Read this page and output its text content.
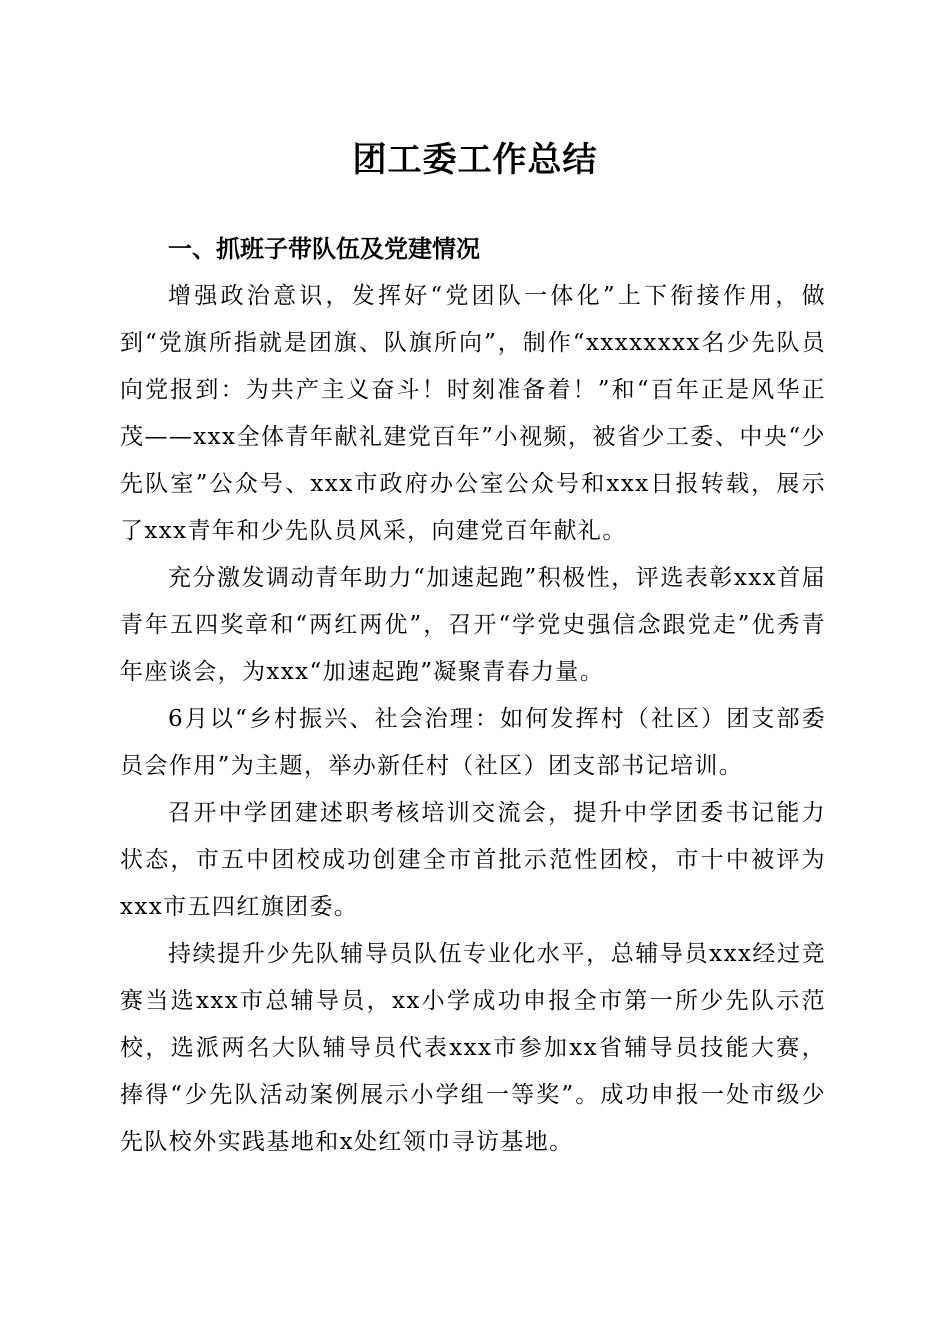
团工委工作总结

一、抓班子带队伍及党建情况

增强政治意识，发挥好“党团队一体化”上下衔接作用，做到“党旗所指就是团旗、队旗所向”，制作“xxxxxxxx名少先队员向党报到：为共产主义奋斗！时刻准备着！”和“百年正是风华正茂——xxx全体青年献礼建党百年”小视频，被省少工委、中央“少先队室”公众号、xxx市政府办公室公众号和xxx日报转载，展示了xxx青年和少先队员风采，向建党百年献礼。

充分激发调动青年助力“加速起跑”积极性，评选表彰xxx首届青年五四奖章和“两红两优”，召开“学党史强信念跟党走”优秀青年座谈会，为xxx“加速起跑”凝聚青春力量。

6月以“乡村振兴、社会治理：如何发挥村（社区）团支部委员会作用”为主题，举办新任村（社区）团支部书记培训。

召开中学团建述职考核培训交流会，提升中学团委书记能力状态，市五中团校成功创建全市首批示范性团校，市十中被评为xxx市五四红旗团委。

持续提升少先队辅导员队伍专业化水平，总辅导员xxx经过竞赛当选xxx市总辅导员，xx小学成功申报全市第一所少先队示范校，选派两名大队辅导员代表xxx市参加xx省辅导员技能大赛，捧得“少先队活动案例展示小学组一等奖”。成功申报一处市级少先队校外实践基地和x处红领巾寻访基地。
